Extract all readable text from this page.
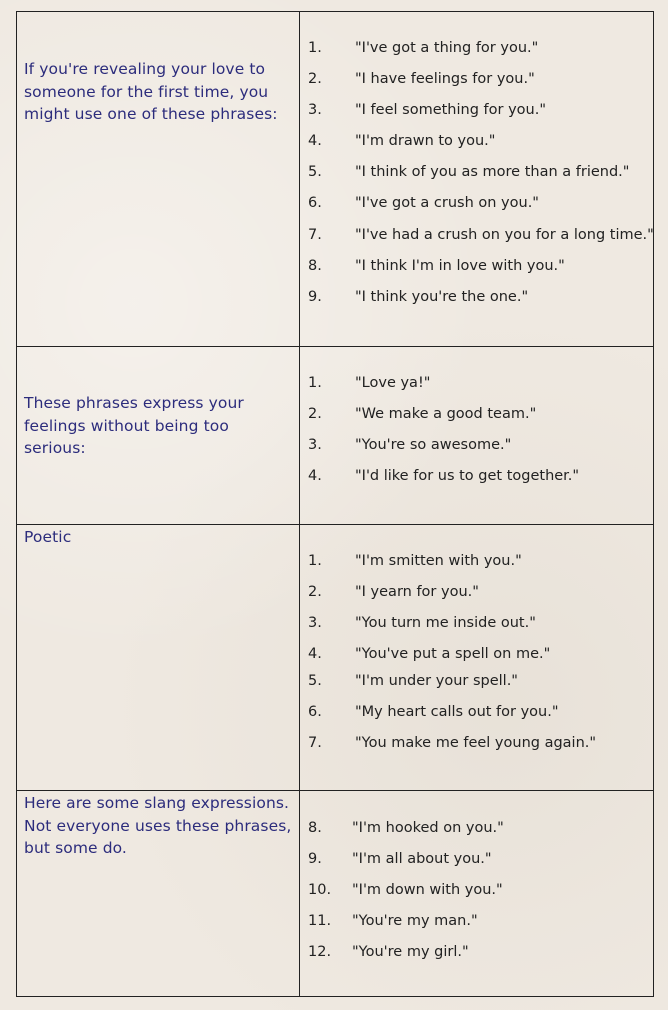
If you're revealing your love to
someone for the first time, you
might use one of these phrases:
1. "I've got a thing for you."
2. "I have feelings for you."
3. "I feel something for you."
4. "I'm drawn to you."
5. "I think of you as more than a friend."
6. "I've got a crush on you."
7. "I've had a crush on you for a long time."
8. "I think I'm in love with you."
9. "I think you're the one."
These phrases express your
feelings without being too serious:
1. "Love ya!"
2. "We make a good team."
3. "You're so awesome."
4. "I'd like for us to get together."
Poetic
1. "I'm smitten with you."
2. "I yearn for you."
3. "You turn me inside out."
4. "You've put a spell on me."
5. "I'm under your spell."
6. "My heart calls out for you."
7. "You make me feel young again."
Here are some slang expressions.
Not everyone uses these phrases,
but some do.
8. "I'm hooked on you."
9. "I'm all about you."
10. "I'm down with you."
11. "You're my man."
12. "You're my girl."
